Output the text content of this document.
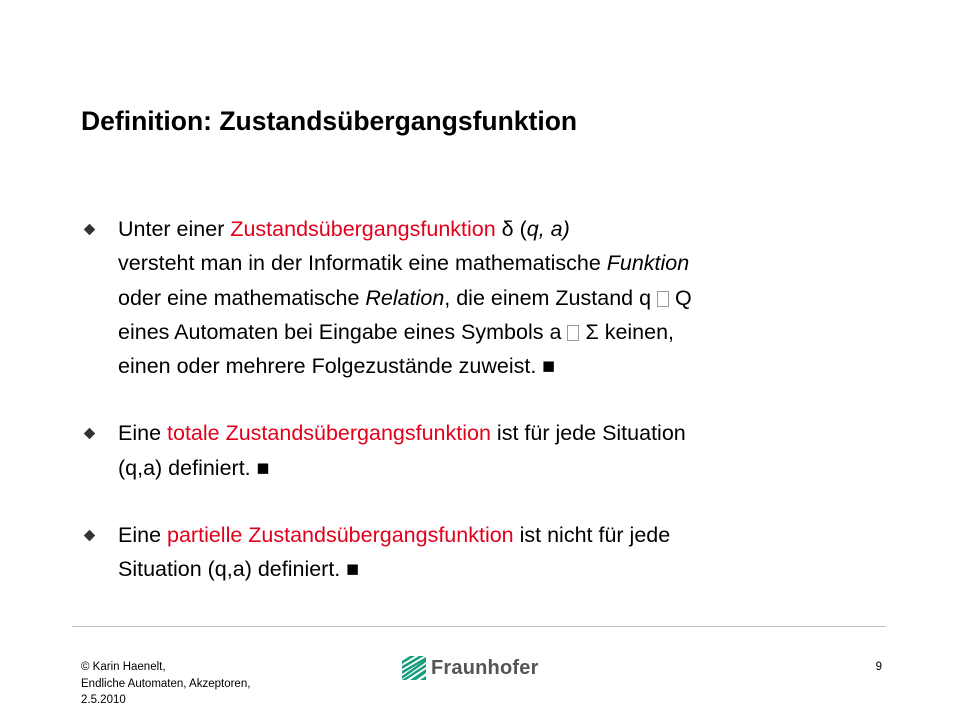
Definition: Zustandsübergangsfunktion
Unter einer Zustandsübergangsfunktion δ (q, a)
versteht man in der Informatik eine mathematische Funktion
oder eine mathematische Relation, die einem Zustand q Q
eines Automaten bei Eingabe eines Symbols a Σ keinen,
einen oder mehrere Folgezustände zuweist. ■
Eine totale Zustandsübergangsfunktion ist für jede Situation
(q,a) definiert. ■
Eine partielle Zustandsübergangsfunktion ist nicht für jede
Situation (q,a) definiert. ■
© Karin Haenelt,
Endliche Automaten, Akzeptoren,
2.5.2010
Fraunhofer	9
